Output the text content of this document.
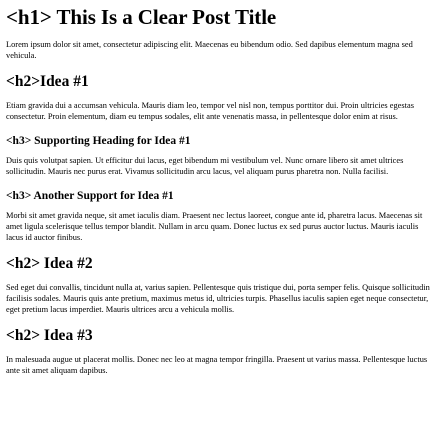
<h1> This Is a Clear Post Title
Lorem ipsum dolor sit amet, consectetur adipiscing elit. Maecenas eu bibendum odio. Sed dapibus elementum magna sed vehicula.
<h2>Idea #1
Etiam gravida dui a accumsan vehicula. Mauris diam leo, tempor vel nisl non, tempus porttitor dui. Proin ultricies egestas consectetur. Proin elementum, diam eu tempus sodales, elit ante venenatis massa, in pellentesque dolor enim at risus.
<h3> Supporting Heading for Idea #1
Duis quis volutpat sapien. Ut efficitur dui lacus, eget bibendum mi vestibulum vel. Nunc ornare libero sit amet ultrices sollicitudin. Mauris nec purus erat. Vivamus sollicitudin arcu lacus, vel aliquam purus pharetra non. Nulla facilisi.
<h3> Another Support for Idea #1
Morbi sit amet gravida neque, sit amet iaculis diam. Praesent nec lectus laoreet, congue ante id, pharetra lacus. Maecenas sit amet ligula scelerisque tellus tempor blandit. Nullam in arcu quam. Donec luctus ex sed purus auctor luctus. Mauris iaculis lacus id auctor finibus.
<h2> Idea #2
Sed eget dui convallis, tincidunt nulla at, varius sapien. Pellentesque quis tristique dui, porta semper felis. Quisque sollicitudin facilisis sodales. Mauris quis ante pretium, maximus metus id, ultricies turpis. Phasellus iaculis sapien eget neque consectetur, eget pretium lacus imperdiet. Mauris ultrices arcu a vehicula mollis.
<h2> Idea #3
In malesuada augue ut placerat mollis. Donec nec leo at magna tempor fringilla. Praesent ut varius massa. Pellentesque luctus ante sit amet aliquam dapibus.
